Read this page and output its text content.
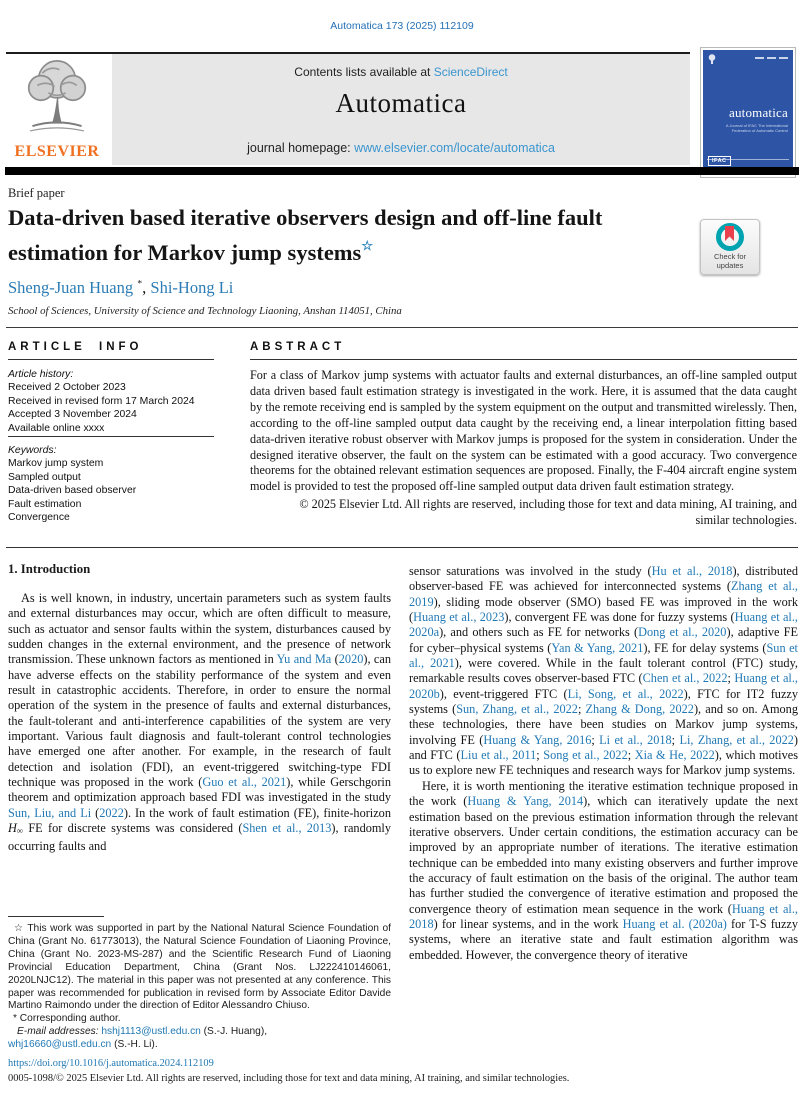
Automatica 173 (2025) 112109
ELSEVIER
Contents lists available at ScienceDirect
Automatica
journal homepage: www.elsevier.com/locate/automatica
automatica
A Journal of IFAC The International
Federation of Automatic Control
IFAC
Brief paper
Data-driven based iterative observers design and off-line fault
estimation for Markov jump systems☆
Check for
updates
Sheng-Juan Huang *, Shi-Hong Li
School of Sciences, University of Science and Technology Liaoning, Anshan 114051, China
ARTICLE INFO	ABSTRACT
Article history:
Received 2 October 2023
Received in revised form 17 March 2024
Accepted 3 November 2024
Available online xxxx
Keywords:
Markov jump system
Sampled output
Data-driven based observer
Fault estimation
Convergence
For a class of Markov jump systems with actuator faults and external disturbances, an off-line sampled output data driven based fault estimation strategy is investigated in the work. Here, it is assumed that the data caught by the remote receiving end is sampled by the system equipment on the output and transmitted wirelessly. Then, according to the off-line sampled output data caught by the receiving end, a linear interpolation fitting based data-driven iterative robust observer with Markov jumps is proposed for the system in consideration. Under the designed iterative observer, the fault on the system can be estimated with a good accuracy. Two convergence theorems for the obtained relevant estimation sequences are proposed. Finally, the F-404 aircraft engine system model is provided to test the proposed off-line sampled output data driven fault estimation strategy.
© 2025 Elsevier Ltd. All rights are reserved, including those for text and data mining, AI training, and
similar technologies.
1. Introduction

As is well known, in industry, uncertain parameters such as system faults and external disturbances may occur, which are often difficult to measure, such as actuator and sensor faults within the system, disturbances caused by sudden changes in the external environment, and the presence of network transmission. These unknown factors as mentioned in Yu and Ma (2020), can have adverse effects on the stability performance of the system and even result in catastrophic accidents. Therefore, in order to ensure the normal operation of the system in the presence of faults and external disturbances, the fault-tolerant and anti-interference capabilities of the system are very important. Various fault diagnosis and fault-tolerant control technologies have emerged one after another. For example, in the research of fault detection and isolation (FDI), an event-triggered switching-type FDI technique was proposed in the work (Guo et al., 2021), while Gerschgorin theorem and optimization approach based FDI was investigated in the study Sun, Liu, and Li (2022). In the work of fault estimation (FE), finite-horizon H∞ FE for discrete systems was considered (Shen et al., 2013), randomly occurring faults and

sensor saturations was involved in the study (Hu et al., 2018), distributed observer-based FE was achieved for interconnected systems (Zhang et al., 2019), sliding mode observer (SMO) based FE was improved in the work (Huang et al., 2023), convergent FE was done for fuzzy systems (Huang et al., 2020a), and others such as FE for networks (Dong et al., 2020), adaptive FE for cyber–physical systems (Yan & Yang, 2021), FE for delay systems (Sun et al., 2021), were covered. While in the fault tolerant control (FTC) study, remarkable results coves observer-based FTC (Chen et al., 2022; Huang et al., 2020b), event-triggered FTC (Li, Song, et al., 2022), FTC for IT2 fuzzy systems (Sun, Zhang, et al., 2022; Zhang & Dong, 2022), and so on. Among these technologies, there have been studies on Markov jump systems, involving FE (Huang & Yang, 2016; Li et al., 2018; Li, Zhang, et al., 2022) and FTC (Liu et al., 2011; Song et al., 2022; Xia & He, 2022), which motives us to explore new FE techniques and research ways for Markov jump systems.

Here, it is worth mentioning the iterative estimation technique proposed in the work (Huang & Yang, 2014), which can iteratively update the next estimation based on the previous estimation information through the relevant iterative observers. Under certain conditions, the estimation accuracy can be improved by an appropriate number of iterations. The iterative estimation technique can be embedded into many existing observers and further improve the accuracy of fault estimation on the basis of the original. The author team has further studied the convergence of iterative estimation and proposed the convergence theory of estimation mean sequence in the work (Huang et al., 2018) for linear systems, and in the work Huang et al. (2020a) for T-S fuzzy systems, where an iterative state and fault estimation algorithm was embedded. However, the convergence theory of iterative

☆ This work was supported in part by the National Natural Science Foundation of China (Grant No. 61773013), the Natural Science Foundation of Liaoning Province, China (Grant No. 2023-MS-287) and the Scientific Research Fund of Liaoning Provincial Education Department, China (Grant Nos. LJ222410146061, 2020LNJC12). The material in this paper was not presented at any conference. This paper was recommended for publication in revised form by Associate Editor Davide Martino Raimondo under the direction of Editor Alessandro Chiuso.

* Corresponding author.

E-mail addresses: hshj1113@ustl.edu.cn (S.-J. Huang),
whj16660@ustl.edu.cn (S.-H. Li).

https://doi.org/10.1016/j.automatica.2024.112109
0005-1098/© 2025 Elsevier Ltd. All rights are reserved, including those for text and data mining, AI training, and similar technologies.
